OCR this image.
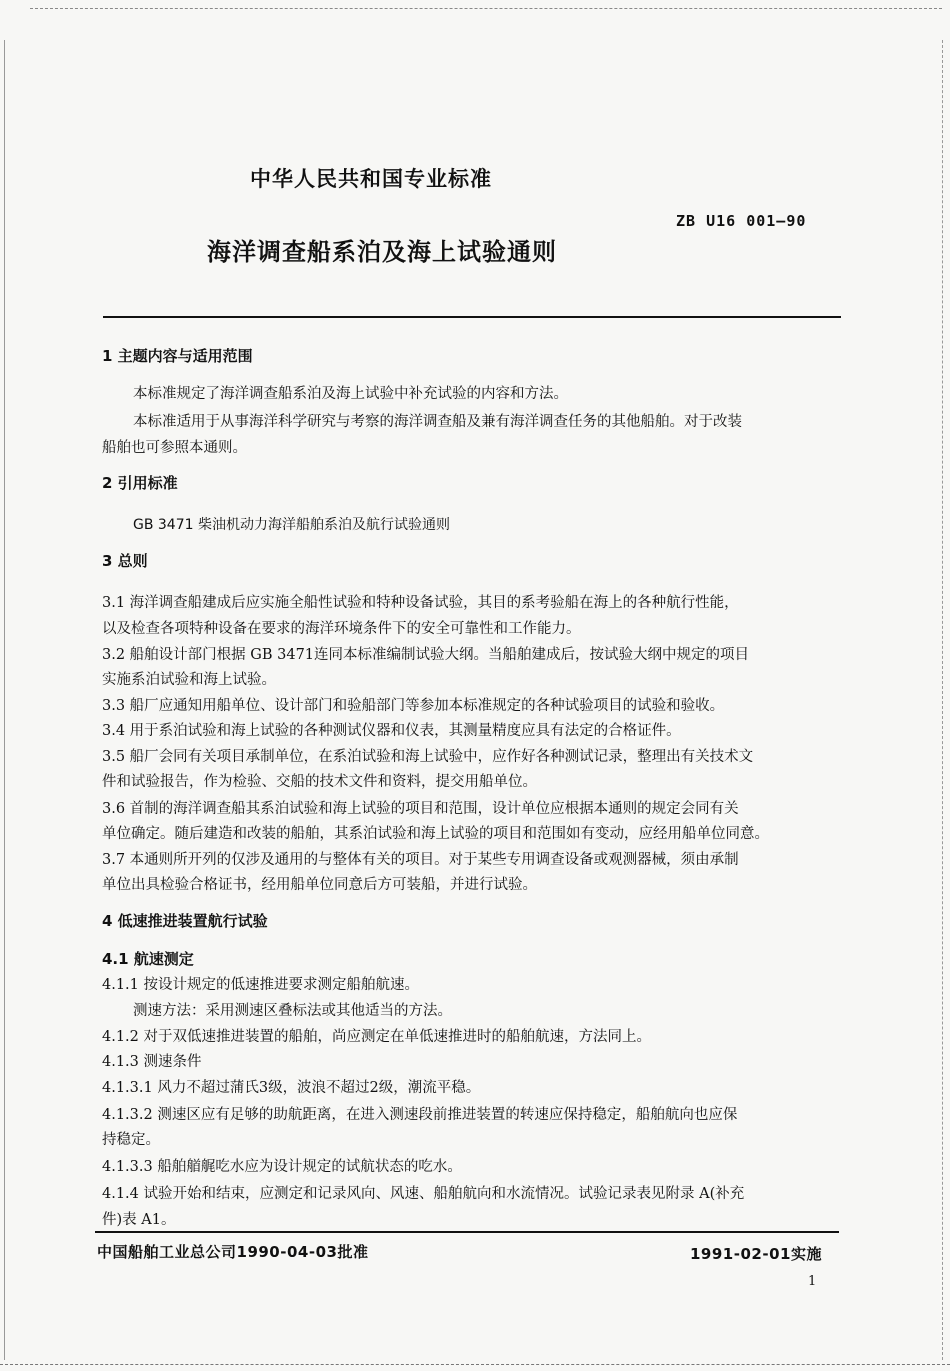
中华人民共和国专业标准
ZB U16 001—90
海洋调查船系泊及海上试验通则
1 主题内容与适用范围
本标准规定了海洋调查船系泊及海上试验中补充试验的内容和方法。
本标准适用于从事海洋科学研究与考察的海洋调查船及兼有海洋调查任务的其他船舶。对于改装
船舶也可参照本通则。
2 引用标准
GB 3471 柴油机动力海洋船舶系泊及航行试验通则
3 总则
3.1 海洋调查船建成后应实施全船性试验和特种设备试验，其目的系考验船在海上的各种航行性能，
以及检查各项特种设备在要求的海洋环境条件下的安全可靠性和工作能力。
3.2 船舶设计部门根据 GB 3471连同本标准编制试验大纲。当船舶建成后，按试验大纲中规定的项目
实施系泊试验和海上试验。
3.3 船厂应通知用船单位、设计部门和验船部门等参加本标准规定的各种试验项目的试验和验收。
3.4 用于系泊试验和海上试验的各种测试仪器和仪表，其测量精度应具有法定的合格证件。
3.5 船厂会同有关项目承制单位，在系泊试验和海上试验中，应作好各种测试记录，整理出有关技术文
件和试验报告，作为检验、交船的技术文件和资料，提交用船单位。
3.6 首制的海洋调查船其系泊试验和海上试验的项目和范围，设计单位应根据本通则的规定会同有关
单位确定。随后建造和改装的船舶，其系泊试验和海上试验的项目和范围如有变动，应经用船单位同意。
3.7 本通则所开列的仅涉及通用的与整体有关的项目。对于某些专用调查设备或观测器械，须由承制
单位出具检验合格证书，经用船单位同意后方可装船，并进行试验。
4 低速推进装置航行试验
4.1 航速测定
4.1.1 按设计规定的低速推进要求测定船舶航速。
测速方法：采用测速区叠标法或其他适当的方法。
4.1.2 对于双低速推进装置的船舶，尚应测定在单低速推进时的船舶航速，方法同上。
4.1.3 测速条件
4.1.3.1 风力不超过蒲氏3级，波浪不超过2级，潮流平稳。
4.1.3.2 测速区应有足够的助航距离，在进入测速段前推进装置的转速应保持稳定，船舶航向也应保
持稳定。
4.1.3.3 船舶艏艉吃水应为设计规定的试航状态的吃水。
4.1.4 试验开始和结束，应测定和记录风向、风速、船舶航向和水流情况。试验记录表见附录 A(补充
件)表 A1。
中国船舶工业总公司1990-04-03批准	1991-02-01实施
1
